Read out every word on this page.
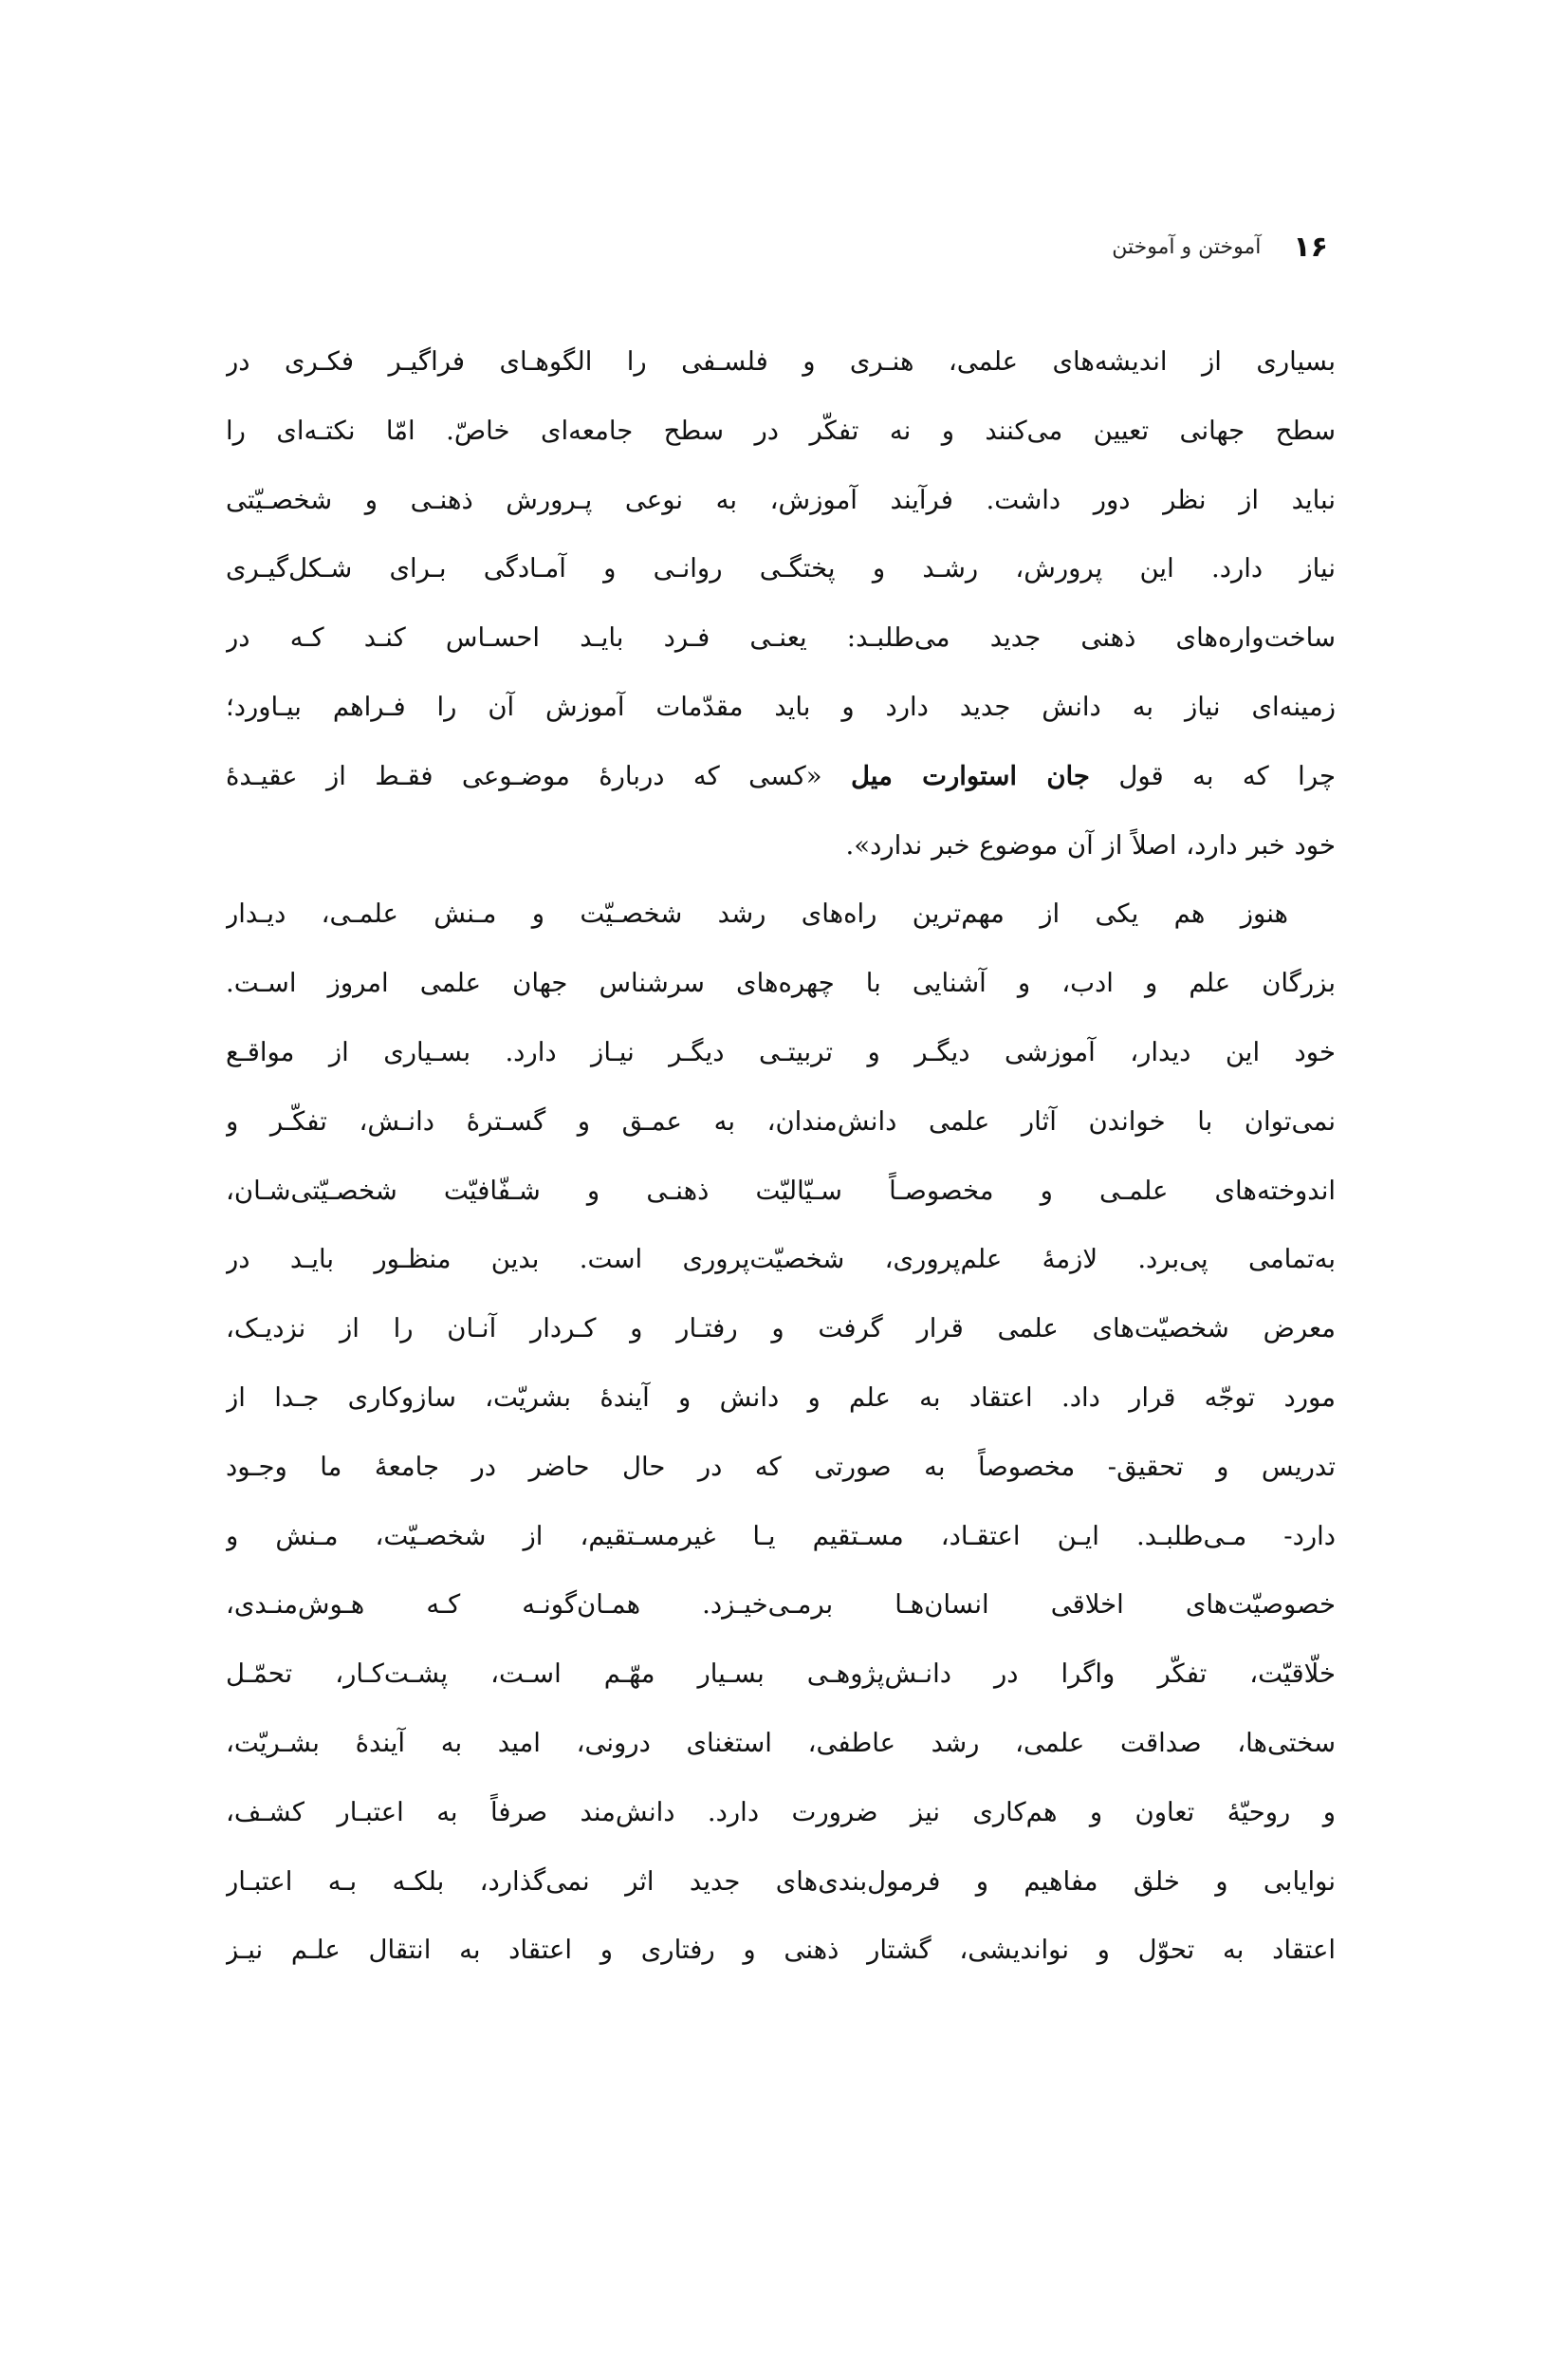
۱۶
آموختن و آموختن
بسیاری از اندیشه‌های علمی، هنـری و فلسـفی را الگوهـای فراگیـر فکـری در
سطح جهانی تعیین می‌کنند و نه تفکّر در سطح جامعه‌ای خاصّ. امّا نکتـه‌ای را
نباید از نظر دور داشت. فرآیند آموزش، به نوعی پـرورش ذهنـی و شخصـیّتی
نیاز دارد. این پرورش، رشـد و پختگـی روانـی و آمـادگی بـرای شـکل‌گیـری
ساخت‌واره‌های ذهنی جدید می‌طلبـد: یعنـی فـرد بایـد احسـاس کنـد کـه در
زمینه‌ای نیاز به دانش جدید دارد و باید مقدّمات آموزش آن را فـراهم بیـاورد؛
چرا که به قول جان استوارت میل «کسی که دربارۀ موضـوعی فقـط از عقیـدۀ
خود خبر دارد، اصلاً از آن موضوع خبر ندارد».
هنوز هم یکی از مهم‌ترین راه‌های رشد شخصـیّت و مـنش علمـی، دیـدار
بزرگان علم و ادب، و آشنایی با چهره‌های سرشناس جهان علمی امروز اسـت.
خود این دیدار، آموزشی دیگـر و تربیتـی دیگـر نیـاز دارد. بسـیاری از مواقـع
نمی‌توان با خواندن آثار علمی دانش‌مندان، به عمـق و گسـترۀ دانـش، تفکّـر و
اندوخته‌های علمـی و مخصوصـاً سـیّالیّت ذهنـی و شـفّافیّت شخصـیّتی‌شـان،
به‌تمامی پی‌برد. لازمۀ علم‌پروری، شخصیّت‌پروری است. بدین منظـور بایـد در
معرض شخصیّت‌های علمی قرار گرفت و رفتـار و کـردار آنـان را از نزدیـک،
مورد توجّه قرار داد. اعتقاد به علم و دانش و آیندۀ بشریّت، سازوکاری جـدا از
تدریس و تحقیق- مخصوصاً به صورتی که در حال حاضر در جامعۀ ما وجـود
دارد- مـی‌طلبـد. ایـن اعتقـاد، مسـتقیم یـا غیرمسـتقیم، از شخصـیّت، مـنش و
خصوصیّت‌های اخلاقی انسان‌هـا برمـی‌خیـزد. همـان‌گونـه کـه هـوش‌منـدی،
خلّاقیّت، تفکّر واگرا در دانـش‌پژوهـی بسـیار مهّـم اسـت، پشـت‌کـار، تحمّـل
سختی‌ها، صداقت علمی، رشد عاطفی، استغنای درونی، امید به آیندۀ بشـریّت،
و روحیّۀ تعاون و هم‌کاری نیز ضرورت دارد. دانش‌مند صرفاً به اعتبـار کشـف،
نوایابی و خلق مفاهیم و فرمول‌بندی‌های جدید اثر نمی‌گذارد، بلکـه بـه اعتبـار
اعتقاد به تحوّل و نواندیشی، گشتار ذهنی و رفتاری و اعتقاد به انتقال علـم نیـز
